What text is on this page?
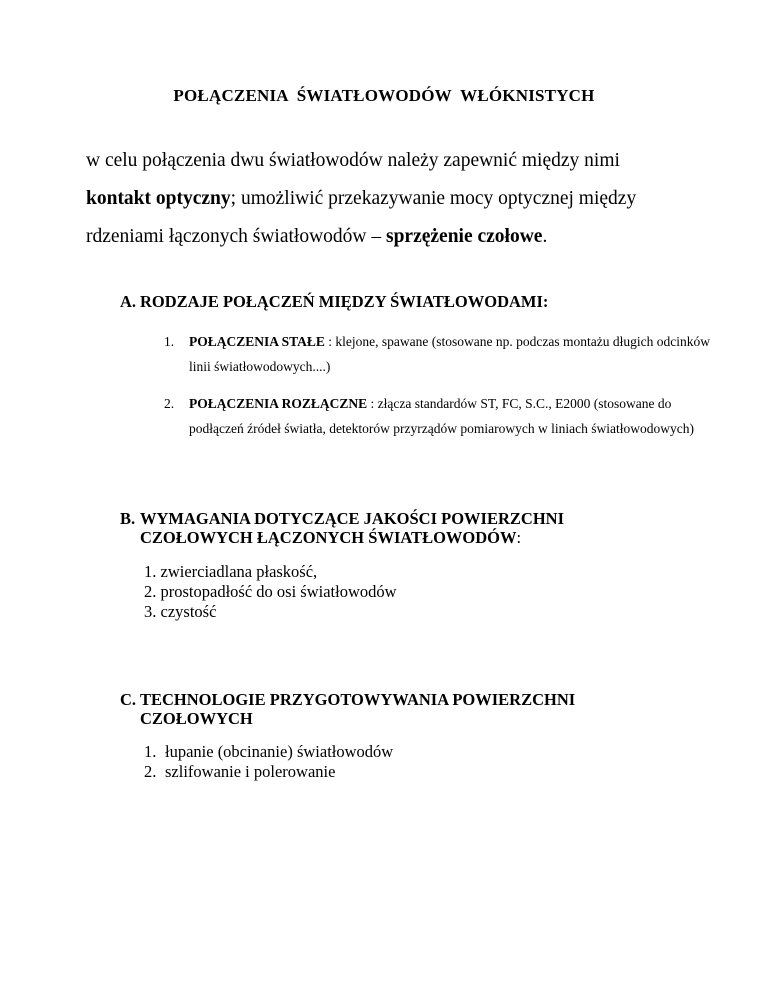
POŁĄCZENIA  ŚWIATŁOWODÓW  WŁÓKNISTYCH

w celu połączenia dwu światłowodów należy zapewnić między nimi

kontakt optyczny; umożliwić przekazywanie mocy optycznej między

rdzeniami łączonych światłowodów – sprzężenie czołowe.

A. RODZAJE POŁĄCZEŃ MIĘDZY ŚWIATŁOWODAMI:
1.	POŁĄCZENIA STAŁE : klejone, spawane (stosowane np. podczas montażu długich odcinków linii światłowodowych....)
2.	POŁĄCZENIA ROZŁĄCZNE : złącza standardów ST, FC, S.C., E2000 (stosowane do podłączeń źródeł światła, detektorów przyrządów pomiarowych w liniach światłowodowych)
B. WYMAGANIA DOTYCZĄCE JAKOŚCI POWIERZCHNI
CZOŁOWYCH ŁĄCZONYCH ŚWIATŁOWODÓW:
1. zwierciadlana płaskość,
2. prostopadłość do osi światłowodów
3. czystość
C. TECHNOLOGIE PRZYGOTOWYWANIA POWIERZCHNI
CZOŁOWYCH
1. łupanie (obcinanie) światłowodów
2. szlifowanie i polerowanie
